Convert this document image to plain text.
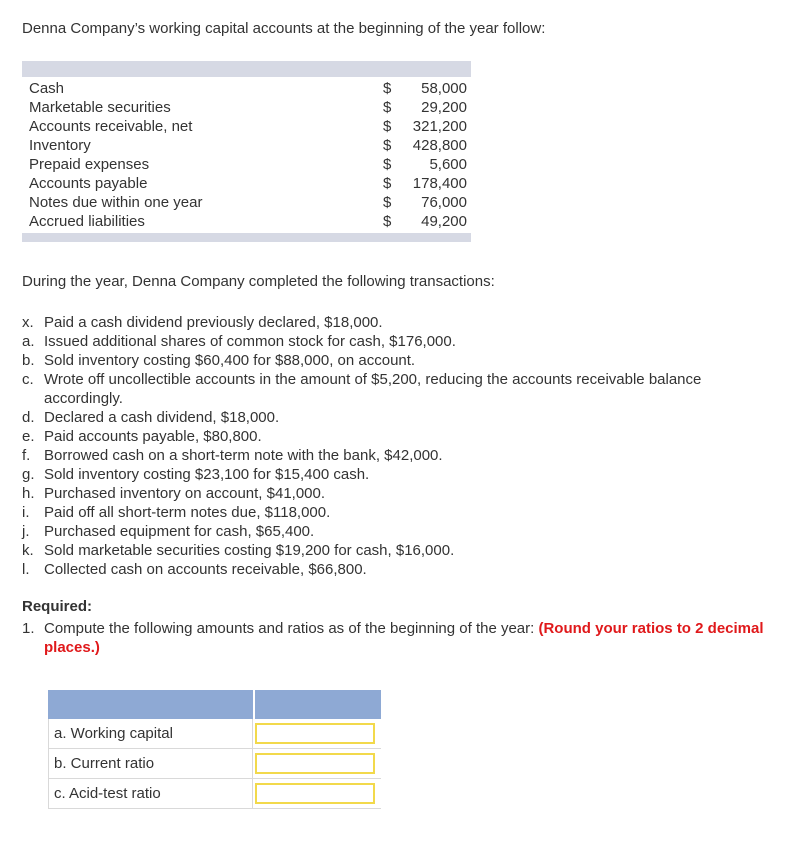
Denna Company’s working capital accounts at the beginning of the year follow:
Cash	$	58,000
Marketable securities	$	29,200
Accounts receivable, net	$	321,200
Inventory	$	428,800
Prepaid expenses	$	5,600
Accounts payable	$	178,400
Notes due within one year	$	76,000
Accrued liabilities	$	49,200
During the year, Denna Company completed the following transactions:
x. Paid a cash dividend previously declared, $18,000.
a. Issued additional shares of common stock for cash, $176,000.
b. Sold inventory costing $60,400 for $88,000, on account.
c. Wrote off uncollectible accounts in the amount of $5,200, reducing the accounts receivable balance accordingly.
d. Declared a cash dividend, $18,000.
e. Paid accounts payable, $80,800.
f. Borrowed cash on a short-term note with the bank, $42,000.
g. Sold inventory costing $23,100 for $15,400 cash.
h. Purchased inventory on account, $41,000.
i. Paid off all short-term notes due, $118,000.
j. Purchased equipment for cash, $65,400.
k. Sold marketable securities costing $19,200 for cash, $16,000.
l. Collected cash on accounts receivable, $66,800.
Required:
1. Compute the following amounts and ratios as of the beginning of the year: (Round your ratios to 2 decimal places.)
a. Working capital
b. Current ratio
c. Acid-test ratio
